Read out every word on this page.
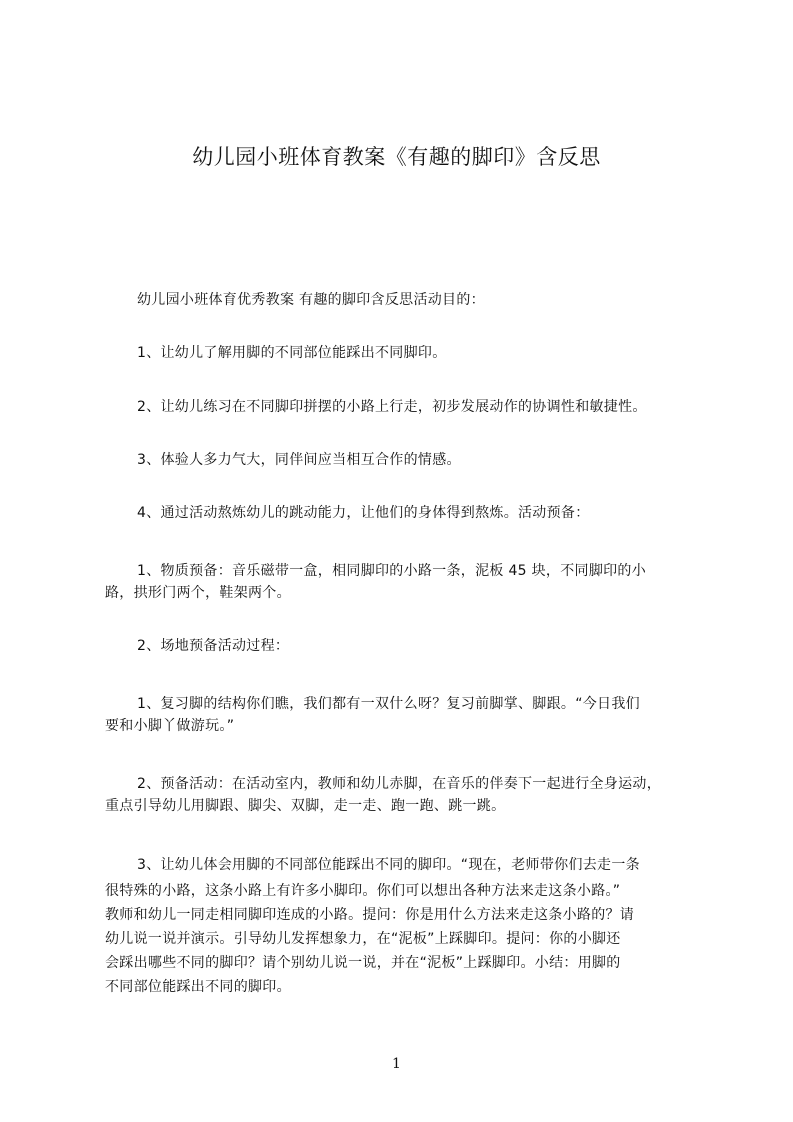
幼儿园小班体育教案《有趣的脚印》含反思
幼儿园小班体育优秀教案 有趣的脚印含反思活动目的：
1、让幼儿了解用脚的不同部位能踩出不同脚印。
2、让幼儿练习在不同脚印拼摆的小路上行走，初步发展动作的协调性和敏捷性。
3、体验人多力气大，同伴间应当相互合作的情感。
4、通过活动熬炼幼儿的跳动能力，让他们的身体得到熬炼。活动预备：
1、物质预备：音乐磁带一盒，相同脚印的小路一条，泥板 45 块，不同脚印的小
路，拱形门两个，鞋架两个。
2、场地预备活动过程：
1、复习脚的结构你们瞧，我们都有一双什么呀？复习前脚掌、脚跟。“今日我们
要和小脚丫做游玩。”
2、预备活动：在活动室内，教师和幼儿赤脚，在音乐的伴奏下一起进行全身运动，
重点引导幼儿用脚跟、脚尖、双脚，走一走、跑一跑、跳一跳。
3、让幼儿体会用脚的不同部位能踩出不同的脚印。“现在，老师带你们去走一条
很特殊的小路，这条小路上有许多小脚印。你们可以想出各种方法来走这条小路。”
教师和幼儿一同走相同脚印连成的小路。提问：你是用什么方法来走这条小路的？请
幼儿说一说并演示。引导幼儿发挥想象力，在“泥板”上踩脚印。提问：你的小脚还
会踩出哪些不同的脚印？请个别幼儿说一说，并在“泥板”上踩脚印。小结：用脚的
不同部位能踩出不同的脚印。
1
